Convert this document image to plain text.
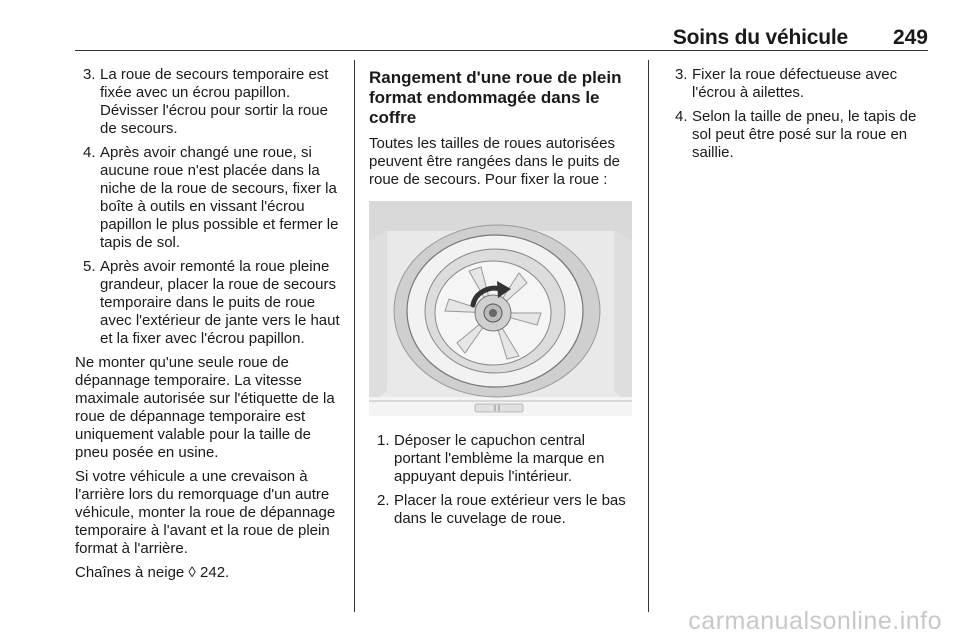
Soins du véhicule 249
3. La roue de secours temporaire est fixée avec un écrou papillon. Dévisser l'écrou pour sortir la roue de secours.
4. Après avoir changé une roue, si aucune roue n'est placée dans la niche de la roue de secours, fixer la boîte à outils en vissant l'écrou papillon le plus possible et fermer le tapis de sol.
5. Après avoir remonté la roue pleine grandeur, placer la roue de secours temporaire dans le puits de roue avec l'extérieur de jante vers le haut et la fixer avec l'écrou papillon.

Ne monter qu'une seule roue de dépannage temporaire. La vitesse maximale autorisée sur l'étiquette de la roue de dépannage temporaire est uniquement valable pour la taille de pneu posée en usine.

Si votre véhicule a une crevaison à l'arrière lors du remorquage d'un autre véhicule, monter la roue de dépannage temporaire à l'avant et la roue de plein format à l'arrière.

Chaînes à neige ◊ 242.

Rangement d'une roue de plein format endommagée dans le coffre

Toutes les tailles de roues autorisées peuvent être rangées dans le puits de roue de secours. Pour fixer la roue :

1. Déposer le capuchon central portant l'emblème la marque en appuyant depuis l'intérieur.
2. Placer la roue extérieur vers le bas dans le cuvelage de roue.
3. Fixer la roue défectueuse avec l'écrou à ailettes.
4. Selon la taille de pneu, le tapis de sol peut être posé sur la roue en saillie.
carmanualsonline.info
